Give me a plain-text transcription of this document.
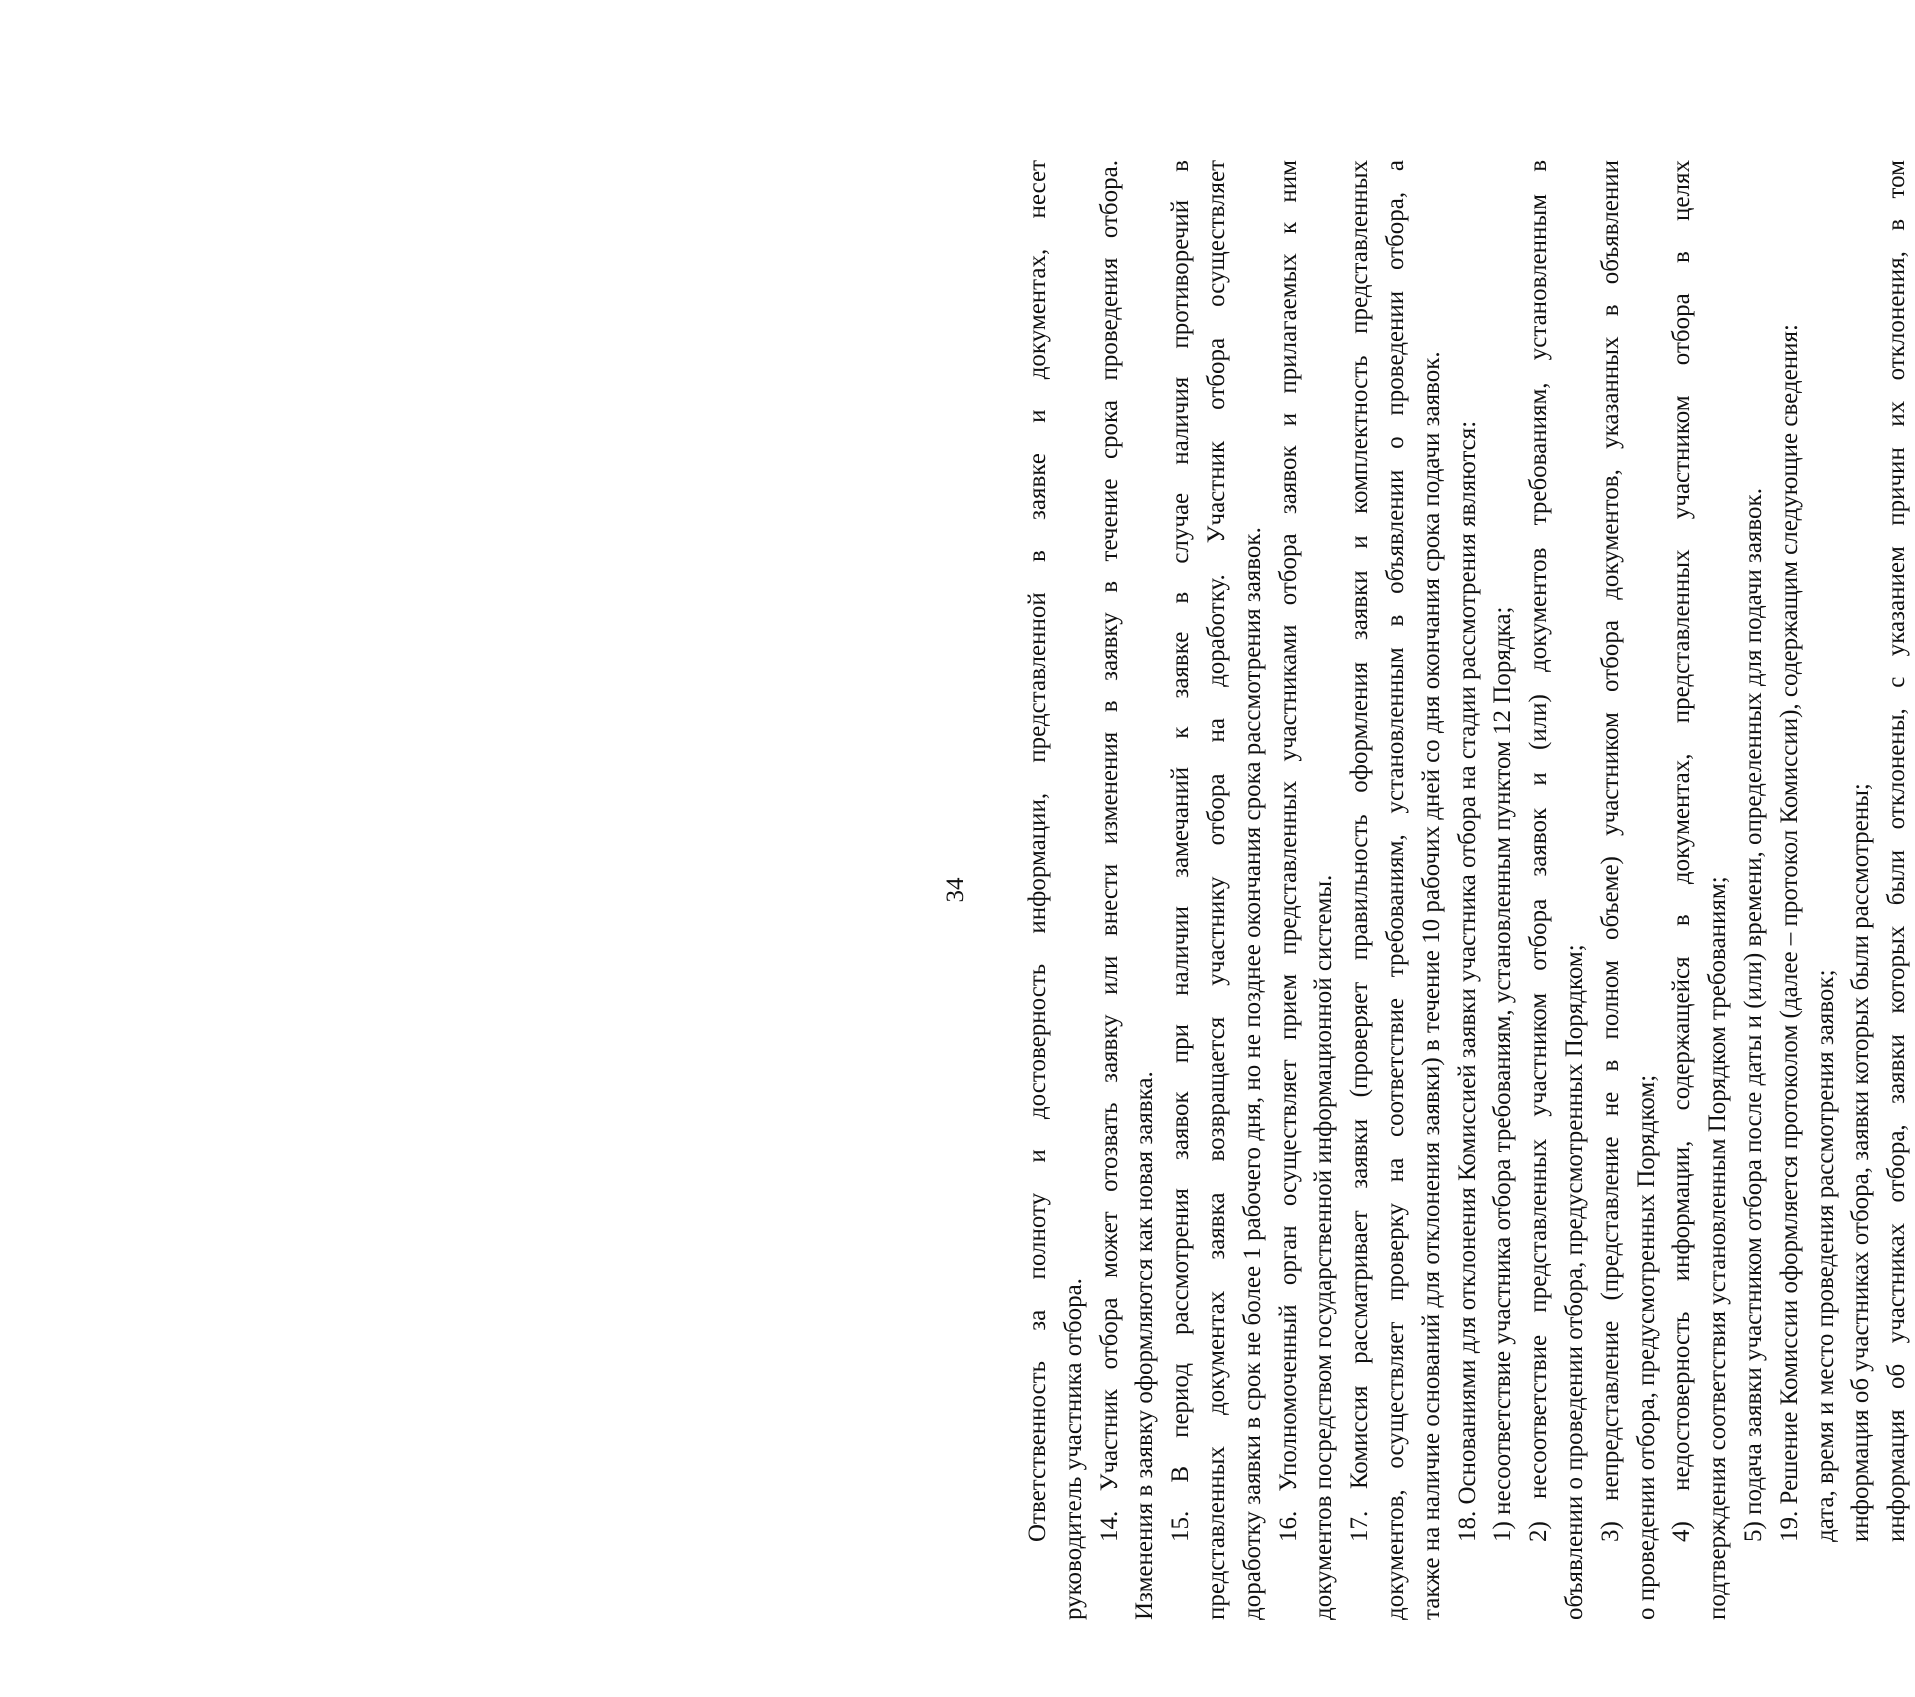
34 Ответственность за полноту и достоверность информации, представленной в заявке и документах, несет руководитель участника отбора. 14. Участник отбора может отозвать заявку или внести изменения в заявку в течение срока проведения отбора. Изменения в заявку оформляются как новая заявка. 15. В период рассмотрения заявок при наличии замечаний к заявке в случае наличия противоречий в представленных документах заявка возвращается участнику отбора на доработку. Участник отбора осуществляет доработку заявки в срок не более 1 рабочего дня, но не позднее окончания срока рассмотрения заявок. 16. Уполномоченный орган осуществляет прием представленных участниками отбора заявок и прилагаемых к ним документов посредством государственной информационной системы. 17. Комиссия рассматривает заявки (проверяет правильность оформления заявки и комплектность представленных документов, осуществляет проверку на соответствие требованиям, установленным в объявлении о проведении отбора, а также на наличие оснований для отклонения заявки) в течение 10 рабочих дней со дня окончания срока подачи заявок. 18. Основаниями для отклонения Комиссией заявки участника отбора на стадии рассмотрения являются: 1) несоответствие участника отбора требованиям, установленным пунктом 12 Порядка; 2) несоответствие представленных участником отбора заявок и (или) документов требованиям, установленным в объявлении о проведении отбора, предусмотренных Порядком; 3) непредставление (представление не в полном объеме) участником отбора документов, указанных в объявлении о проведении отбора, предусмотренных Порядком; 4) недостоверность информации, содержащейся в документах, представленных участником отбора в целях подтверждения соответствия установленным Порядком требованиям; 5) подача заявки участником отбора после даты и (или) времени, определенных для подачи заявок. 19. Решение Комиссии оформляется протоколом (далее – протокол Комиссии), содержащим следующие сведения: дата, время и место проведения рассмотрения заявок; информация об участниках отбора, заявки которых были рассмотрены; информация об участниках отбора, заявки которых были отклонены, с указанием причин их отклонения, в том
